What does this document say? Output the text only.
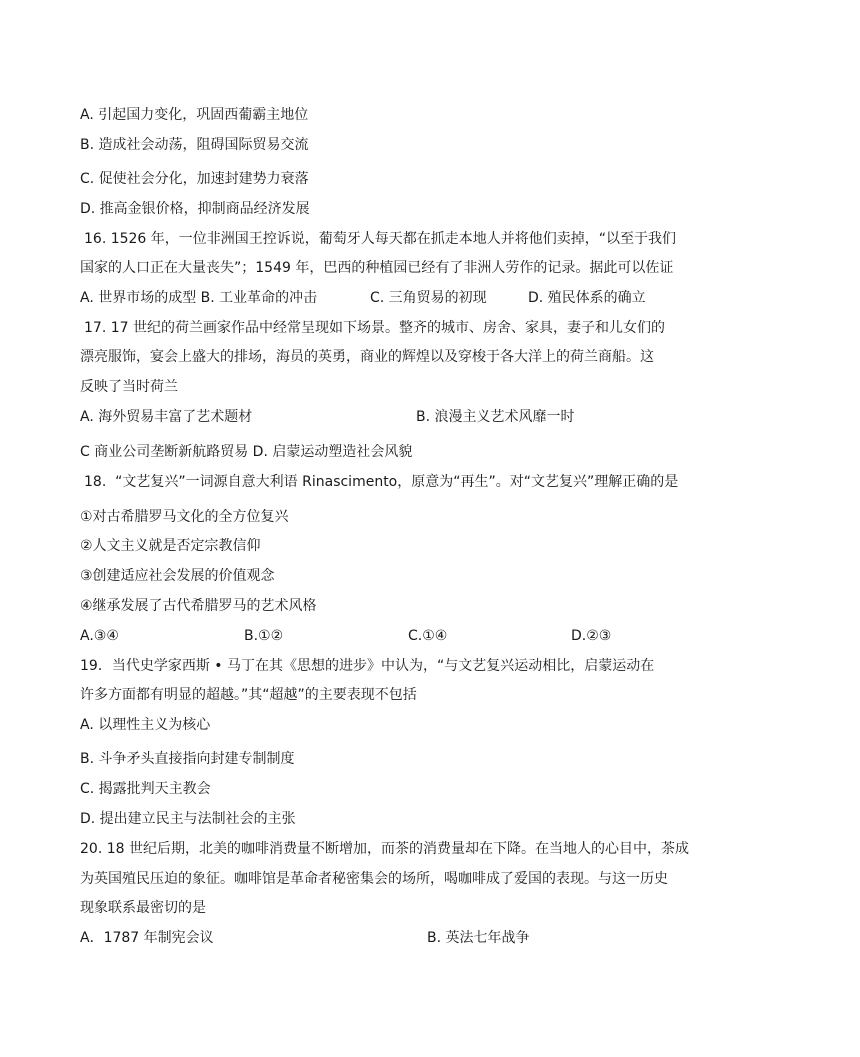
A. 引起国力变化，巩固西葡霸主地位
B. 造成社会动荡，阻碍国际贸易交流
C. 促使社会分化，加速封建势力衰落
D. 推高金银价格，抑制商品经济发展
16. 1526 年，一位非洲国王控诉说，葡萄牙人每天都在抓走本地人并将他们卖掉，“以至于我们
国家的人口正在大量丧失”；1549 年，巴西的种植园已经有了非洲人劳作的记录。据此可以佐证
A. 世界市场的成型 B. 工业革命的冲击	C. 三角贸易的初现	D. 殖民体系的确立
17. 17 世纪的荷兰画家作品中经常呈现如下场景。整齐的城市、房舍、家具，妻子和儿女们的
漂亮服饰，宴会上盛大的排场，海员的英勇，商业的辉煌以及穿梭于各大洋上的荷兰商船。这
反映了当时荷兰
A. 海外贸易丰富了艺术题材	B. 浪漫主义艺术风靡一时
C 商业公司垄断新航路贸易 D. 启蒙运动塑造社会风貌
18.  “文艺复兴”一词源自意大利语 Rinascimento，原意为“再生”。对“文艺复兴”理解正确的是
①对古希腊罗马文化的全方位复兴
②人文主义就是否定宗教信仰
③创建适应社会发展的价值观念
④继承发展了古代希腊罗马的艺术风格
A.③④	B.①②	C.①④	D.②③
19．当代史学家西斯 • 马丁在其《思想的进步》中认为，“与文艺复兴运动相比，启蒙运动在
许多方面都有明显的超越。”其“超越”的主要表现不包括
A. 以理性主义为核心
B. 斗争矛头直接指向封建专制制度
C. 揭露批判天主教会
D. 提出建立民主与法制社会的主张
20. 18 世纪后期，北美的咖啡消费量不断增加，而茶的消费量却在下降。在当地人的心目中，茶成
为英国殖民压迫的象征。咖啡馆是革命者秘密集会的场所，喝咖啡成了爱国的表现。与这一历史
现象联系最密切的是
A．1787 年制宪会议	B. 英法七年战争
